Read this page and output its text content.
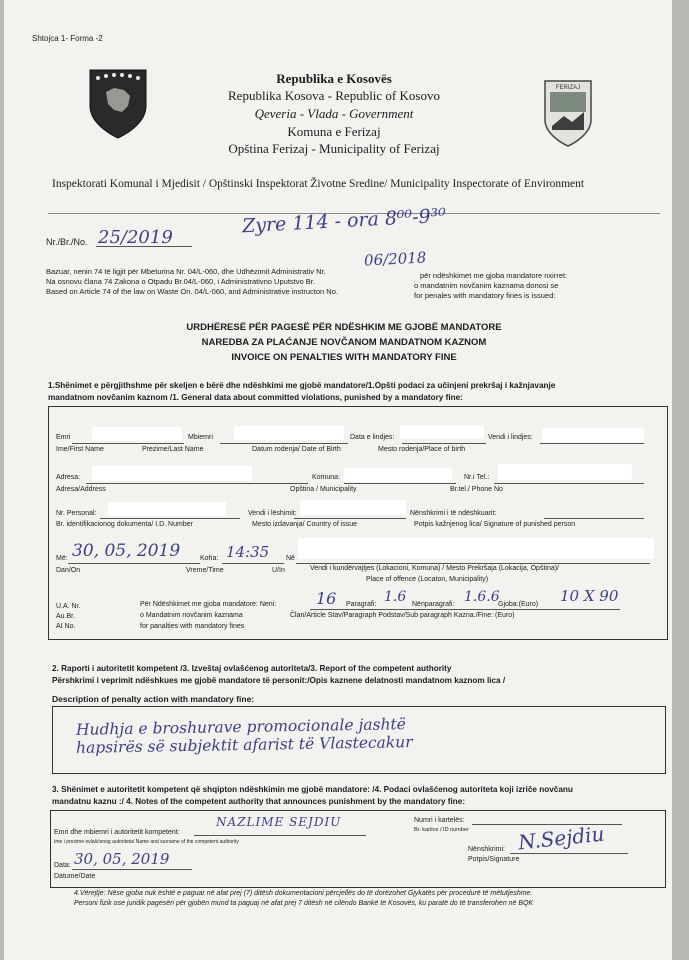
Shtojca 1- Forma -2
FERIZAJ
Republika e Kosovës
Republika Kosova - Republic of Kosovo
Qeveria - Vlada - Government
Komuna e Ferizaj
Opština Ferizaj - Municipality of Ferizaj
Inspektorati Komunal i Mjedisit / Opštinski Inspektorat Životne Sredine/ Municipality Inspectorate of Environment
Zyre 114 - ora 8⁰⁰-9³⁰
Nr./Br./No. 25/2019
06/2018
Bazuar, nenin 74 të ligjit për Mbeturina Nr. 04/L-060, dhe Udhëzimit Administrativ Nr.
Na osnovu člana 74 Zakona o Otpadu Br.04/L-060, i Administrativno Uputstvo Br.
Based on Article 74 of the law on Waste On. 04/L-060, and Administrative instructon No.
për ndëshkimet me gjoba mandatore nxirret:
o mandatnim novčanim kaznama donosi se
for penales with mandatory fines is issued:
URDHËRESË PËR PAGESË PËR NDËSHKIM ME GJOBË MANDATORE
NAREDBA ZA PLAĆANJE NOVČANOM MANDATNOM KAZNOM
INVOICE ON PENALTIES WITH MANDATORY FINE
1.Shënimet e përgjithshme për skeljen e bërë dhe ndëshkimi me gjobë mandatore/1.Opšti podaci za učinjeni prekršaj i kažnjavanje
mandatnom novčanim kaznom /1. General data about committed violations, punished by a mandatory fine:
Emri	Mbiemri	Data e lindjes:	Vendi i lindjes:
Ime/First Name	Prezime/Last Name	Datum rodenja/ Date of Birth	Mesto rodenja/Place of birth
Adresa:	Komuna:	Nr.i Tel.:
Adresa/Address	Opština / Municipality	Br.tel./ Phone No
Nr. Personal:	Vendi i lëshimit:	Nënshkrimi i të ndëshkuarit:
Br. identifikacionog dokumenta/ I.D. Number	Mesto izdavanja/ Country of issue	Potpis kažnjenog lica/ Signature of punished person
Më: 30, 05, 2019	Koha: 14:35 Në
Dan/On	Vreme/Time	U/In	Vendi i kundërvajtjes (Lokacioni, Komuna) / Mesto Prekršaja (Lokacija, Opština)/
Place of offence (Locaton, Municipality)
U.A. Nr.
Au.Br.
AI No.
Për Ndëshkimet me gjoba mandatore: Neni:
o Mandatnim novčanim kaznama
for panalties with mandatory fines
16 Paragrafi: 1.6 Nënparagrafi: 1.6.6
Gjoba:(Euro) 10 X 90
Član/Article Stav/Paragraph Podstav/Sub paragraph Kazna./Fine: (Euro)
2. Raporti i autoritetit kompetent /3. Izveštaj ovlašćenog autoriteta/3. Report of the competent authority
Përshkrimi i veprimit ndëshkues me gjobë mandatore të personit:/Opis kaznene delatnosti mandatnom kaznom lica /
Description of penalty action with mandatory fine:
Hudhja e broshurave promocionale jashtë
hapsirës së subjektit afarist të Vlastecakur
3. Shënimet e autoritetit kompetent që shqipton ndëshkimin me gjobë mandatore: /4. Podaci ovlašćenog autoriteta koji izriče novčanu
mandatnu kaznu :/ 4. Notes of the competent authority that announces punishment by the mandatory fine:
Emri dhe mbiemri i autoritetit kompetent:
NAZLIME SEJDIU
Ime i prezime ovlašćenog autoriteta/ Name and surname of the competent authority
Numri i kartelës:
Br. kartice / ID number
Data: 30, 05, 2019
Datume/Date
Nënshkrimi:
Potpis/Signature
N.Sejdiu
4.Vërejtje: Nëse gjoba nuk është e paguar në afat prej (7) ditësh dokumentacioni përcjellës do të dorëzohet Gjykatës për procedurë të mëtutjeshme.
Personi fizik ose juridik pagesën për gjobën mund ta paguaj në afat prej 7 ditësh në cilëndo Bankë të Kosovës, ku paratë do të transferohen në BQK
